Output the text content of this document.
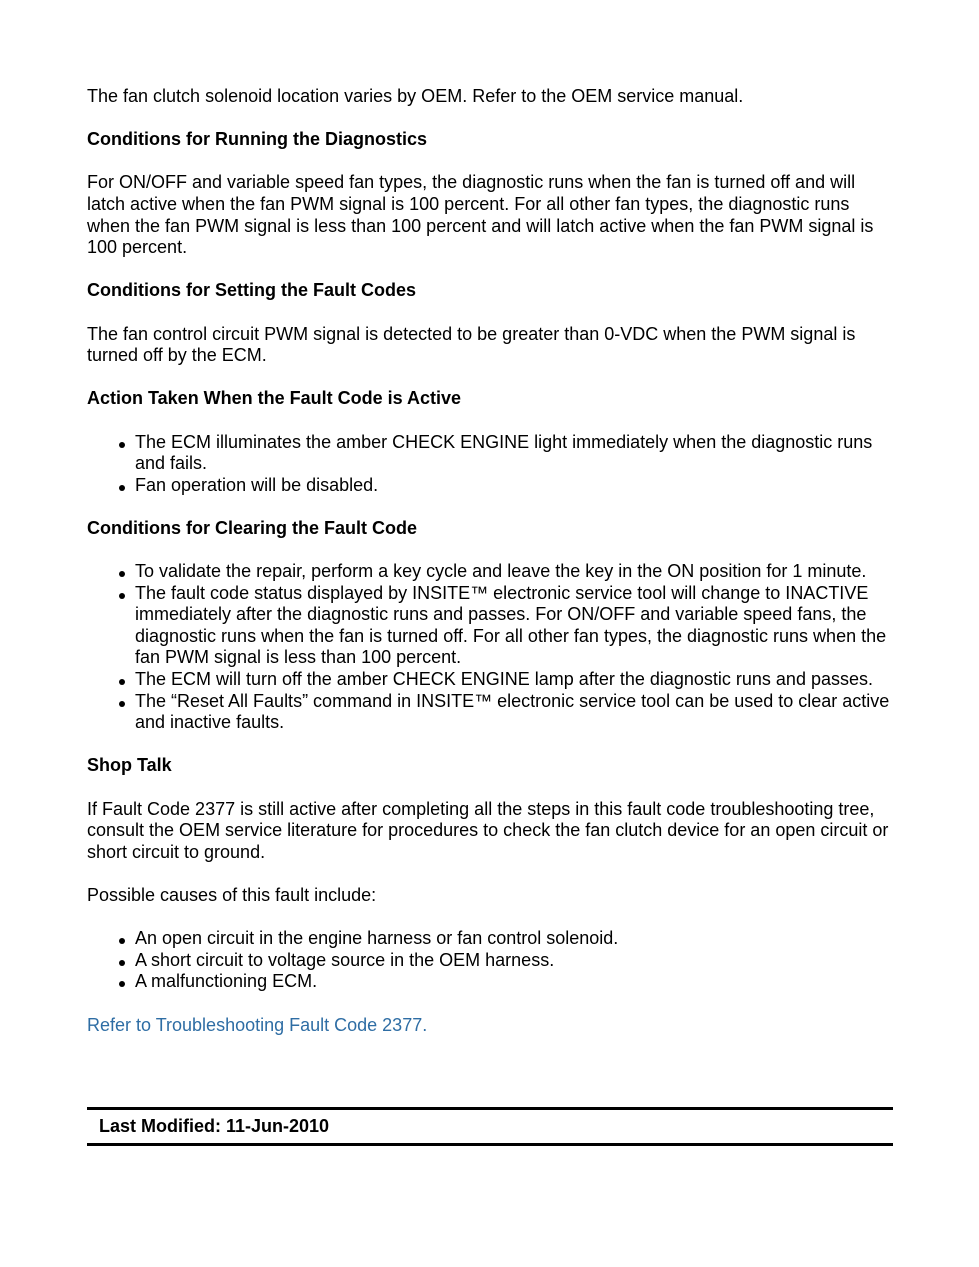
The fan clutch solenoid location varies by OEM. Refer to the OEM service manual.

Conditions for Running the Diagnostics

For ON/OFF and variable speed fan types, the diagnostic runs when the fan is turned off and will latch active when the fan PWM signal is 100 percent. For all other fan types, the diagnostic runs when the fan PWM signal is less than 100 percent and will latch active when the fan PWM signal is 100 percent.

Conditions for Setting the Fault Codes

The fan control circuit PWM signal is detected to be greater than 0-VDC when the PWM signal is turned off by the ECM.

Action Taken When the Fault Code is Active

The ECM illuminates the amber CHECK ENGINE light immediately when the diagnostic runs and fails.
Fan operation will be disabled.

Conditions for Clearing the Fault Code

To validate the repair, perform a key cycle and leave the key in the ON position for 1 minute.
The fault code status displayed by INSITE™ electronic service tool will change to INACTIVE immediately after the diagnostic runs and passes. For ON/OFF and variable speed fans, the diagnostic runs when the fan is turned off. For all other fan types, the diagnostic runs when the fan PWM signal is less than 100 percent.
The ECM will turn off the amber CHECK ENGINE lamp after the diagnostic runs and passes.
The “Reset All Faults” command in INSITE™ electronic service tool can be used to clear active and inactive faults.

Shop Talk

If Fault Code 2377 is still active after completing all the steps in this fault code troubleshooting tree, consult the OEM service literature for procedures to check the fan clutch device for an open circuit or short circuit to ground.

Possible causes of this fault include:

An open circuit in the engine harness or fan control solenoid.
A short circuit to voltage source in the OEM harness.
A malfunctioning ECM.

Refer to Troubleshooting Fault Code 2377.

Last Modified: 11-Jun-2010
